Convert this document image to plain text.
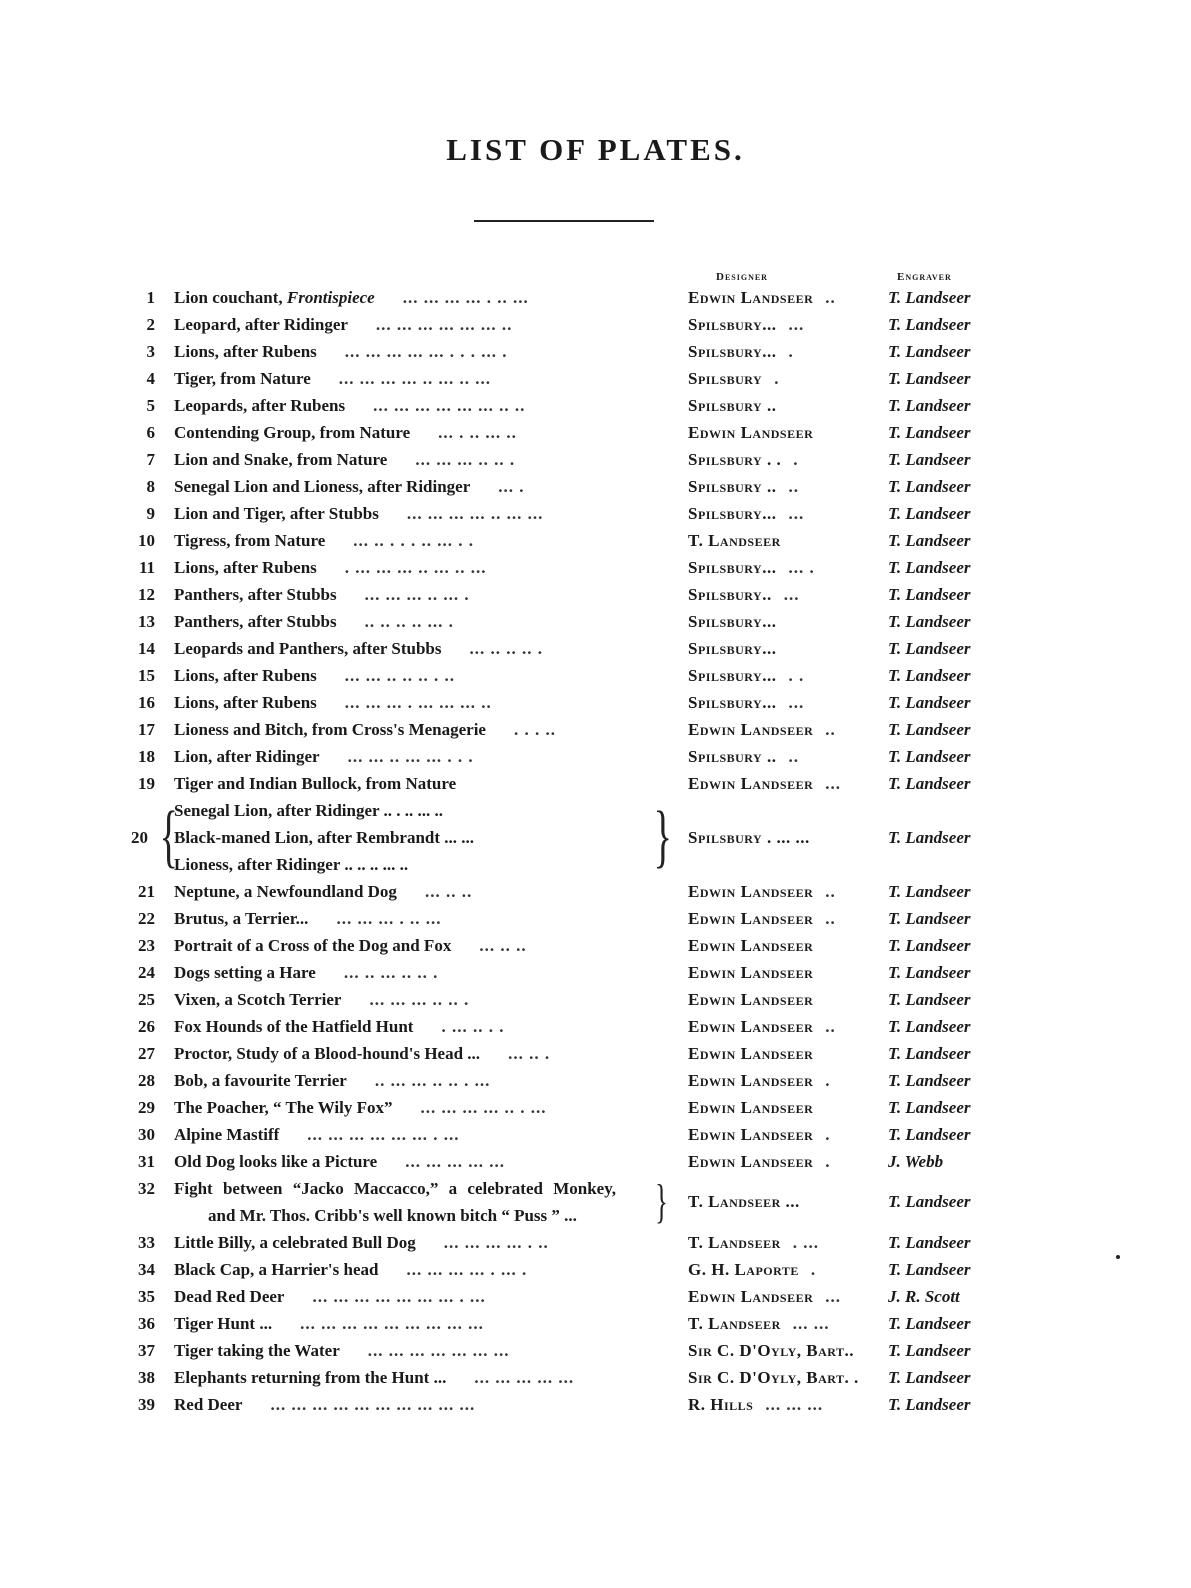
LIST OF PLATES.
Designer	Engraver
1 Lion couchant, Frontispiece ... ... ... ... . .. ...	Edwin Landseer ..	T. Landseer
2 Leopard, after Ridinger ... ... ... ... ... ... ..	Spilsbury... ...	T. Landseer
3 Lions, after Rubens ... ... ... ... ... . . . ... .	Spilsbury... .	T. Landseer
4 Tiger, from Nature ... ... ... ... .. ... .. ...	Spilsbury .	T. Landseer
5 Leopards, after Rubens ... ... ... ... ... ... .. ..	Spilsbury ..	T. Landseer
6 Contending Group, from Nature ... . .. ... ..	Edwin Landseer	T. Landseer
7 Lion and Snake, from Nature ... ... ... .. .. .	Spilsbury . . .	T. Landseer
8 Senegal Lion and Lioness, after Ridinger ... .	Spilsbury .. ..	T. Landseer
9 Lion and Tiger, after Stubbs ... ... ... ... .. ... ...	Spilsbury... ...	T. Landseer
10 Tigress, from Nature ... .. . . . .. ... . .	T. Landseer	T. Landseer
11 Lions, after Rubens . ... ... ... .. ... .. ...	Spilsbury... ... .	T. Landseer
12 Panthers, after Stubbs ... ... ... .. ... .	Spilsbury.. ...	T. Landseer
13 Panthers, after Stubbs .. .. .. .. ... .	Spilsbury...	T. Landseer
14 Leopards and Panthers, after Stubbs ... .. .. .. .	Spilsbury...	T. Landseer
15 Lions, after Rubens ... ... .. .. .. . ..	Spilsbury... . .	T. Landseer
16 Lions, after Rubens ... ... ... . ... ... ... ..	Spilsbury... ...	T. Landseer
17 Lioness and Bitch, from Cross's Menagerie . . . ..	Edwin Landseer ..	T. Landseer
18 Lion, after Ridinger ... ... .. ... ... . . .	Spilsbury .. ..	T. Landseer
19 Tiger and Indian Bullock, from Nature	Edwin Landseer ...	T. Landseer
20 {
Senegal Lion, after Ridinger .. . .. ... ..
Black-maned Lion, after Rembrandt ... ...
Lioness, after Ridinger .. .. .. ... ..	} Spilsbury . ... ...	T. Landseer
21 Neptune, a Newfoundland Dog ... .. ..	Edwin Landseer ..	T. Landseer
22 Brutus, a Terrier... ... ... ... . .. ...	Edwin Landseer ..	T. Landseer
23 Portrait of a Cross of the Dog and Fox ... .. ..	Edwin Landseer	T. Landseer
24 Dogs setting a Hare ... .. ... .. .. .	Edwin Landseer	T. Landseer
25 Vixen, a Scotch Terrier ... ... ... .. .. .	Edwin Landseer	T. Landseer
26 Fox Hounds of the Hatfield Hunt . ... .. . .	Edwin Landseer ..	T. Landseer
27 Proctor, Study of a Blood-hound's Head ... ... .. .	Edwin Landseer	T. Landseer
28 Bob, a favourite Terrier .. ... ... .. .. . ...	Edwin Landseer .	T. Landseer
29 The Poacher, “ The Wily Fox” ... ... ... ... .. . ...	Edwin Landseer	T. Landseer
30 Alpine Mastiff ... ... ... ... ... ... . ...	Edwin Landseer .	T. Landseer
31 Old Dog looks like a Picture ... ... ... ... ...	Edwin Landseer .	J. Webb
32 Fight between “Jacko Maccacco,” a celebrated Monkey,
and Mr. Thos. Cribb's well known bitch “ Puss ” ... } T. Landseer ...	T. Landseer
33 Little Billy, a celebrated Bull Dog ... ... ... ... . ..	T. Landseer . ...	T. Landseer
34 Black Cap, a Harrier's head ... ... ... ... . ... .	G. H. Laporte .	T. Landseer
35 Dead Red Deer ... ... ... ... ... ... ... . ...	Edwin Landseer ...	J. R. Scott
36 Tiger Hunt ... ... ... ... ... ... ... ... ... ...	T. Landseer ... ...	T. Landseer
37 Tiger taking the Water ... ... ... ... ... ... ...	Sir C. D'Oyly, Bart.. T. Landseer
38 Elephants returning from the Hunt ... ... ... ... ... ...	Sir C. D'Oyly, Bart. . T. Landseer
39 Red Deer ... ... ... ... ... ... ... ... ... ...	R. Hills ... ... ...	T. Landseer
